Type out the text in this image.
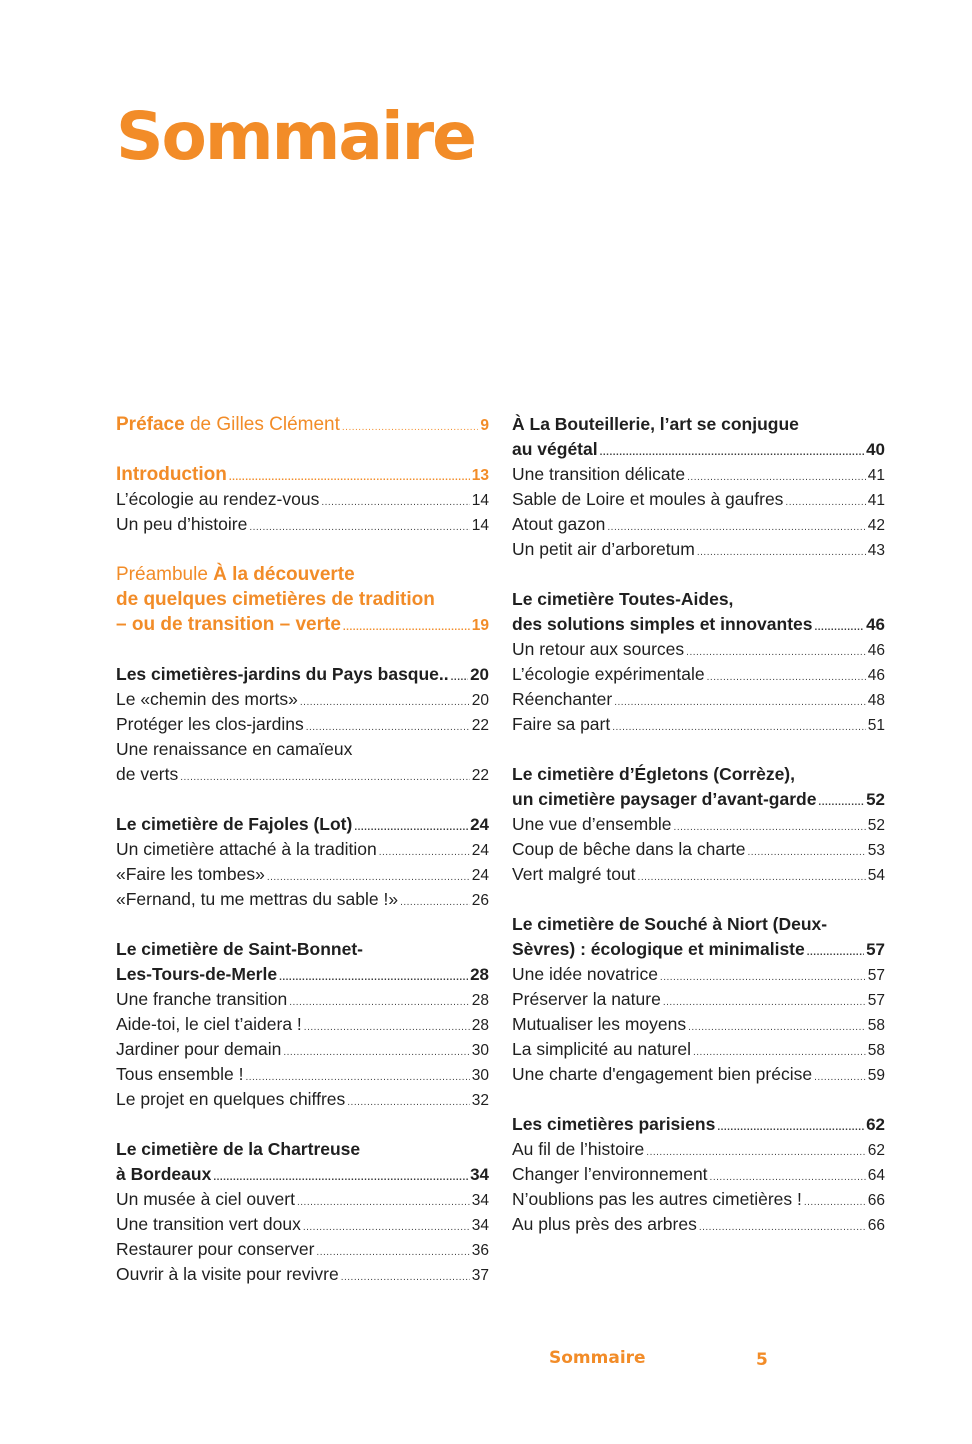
Sommaire
Préface de Gilles Clément .....	9
Introduction .....	13
L’écologie au rendez-vous .....	14
Un peu d’histoire .....	14
Préambule À la découverte
de quelques cimetières de tradition
– ou de transition – verte .....	19
Les cimetières-jardins du Pays basque.. ..... 20
Le «chemin des morts» .....	20
Protéger les clos-jardins .....	22
Une renaissance en camaïeux
de verts .....	22
Le cimetière de Fajoles (Lot) .....	24
Un cimetière attaché à la tradition .....	24
«Faire les tombes» .....	24
«Fernand, tu me mettras du sable !» .....	26
Le cimetière de Saint-Bonnet-
Les-Tours-de-Merle .....	28
Une franche transition .....	28
Aide-toi, le ciel t’aidera ! .....	28
Jardiner pour demain .....	30
Tous ensemble ! .....	30
Le projet en quelques chiffres .....	32
Le cimetière de la Chartreuse
à Bordeaux .....	34
Un musée à ciel ouvert .....	34
Une transition vert doux .....	34
Restaurer pour conserver .....	36
Ouvrir à la visite pour revivre .....	37
À La Bouteillerie, l’art se conjugue
au végétal .....	40
Une transition délicate .....	41
Sable de Loire et moules à gaufres .....	41
Atout gazon .....	42
Un petit air d’arboretum .....	43
Le cimetière Toutes-Aides,
des solutions simples et innovantes .....	46
Un retour aux sources .....	46
L’écologie expérimentale .....	46
Réenchanter .....	48
Faire sa part .....	51
Le cimetière d’Égletons (Corrèze),
un cimetière paysager d’avant-garde .....	52
Une vue d’ensemble .....	52
Coup de bêche dans la charte .....	53
Vert malgré tout .....	54
Le cimetière de Souché à Niort (Deux-
Sèvres) : écologique et minimaliste .....	57
Une idée novatrice .....	57
Préserver la nature .....	57
Mutualiser les moyens .....	58
La simplicité au naturel .....	58
Une charte d'engagement bien précise .....	59
Les cimetières parisiens .....	62
Au fil de l’histoire .....	62
Changer l’environnement .....	64
N’oublions pas les autres cimetières ! .....	66
Au plus près des arbres .....	66
Sommaire	5
